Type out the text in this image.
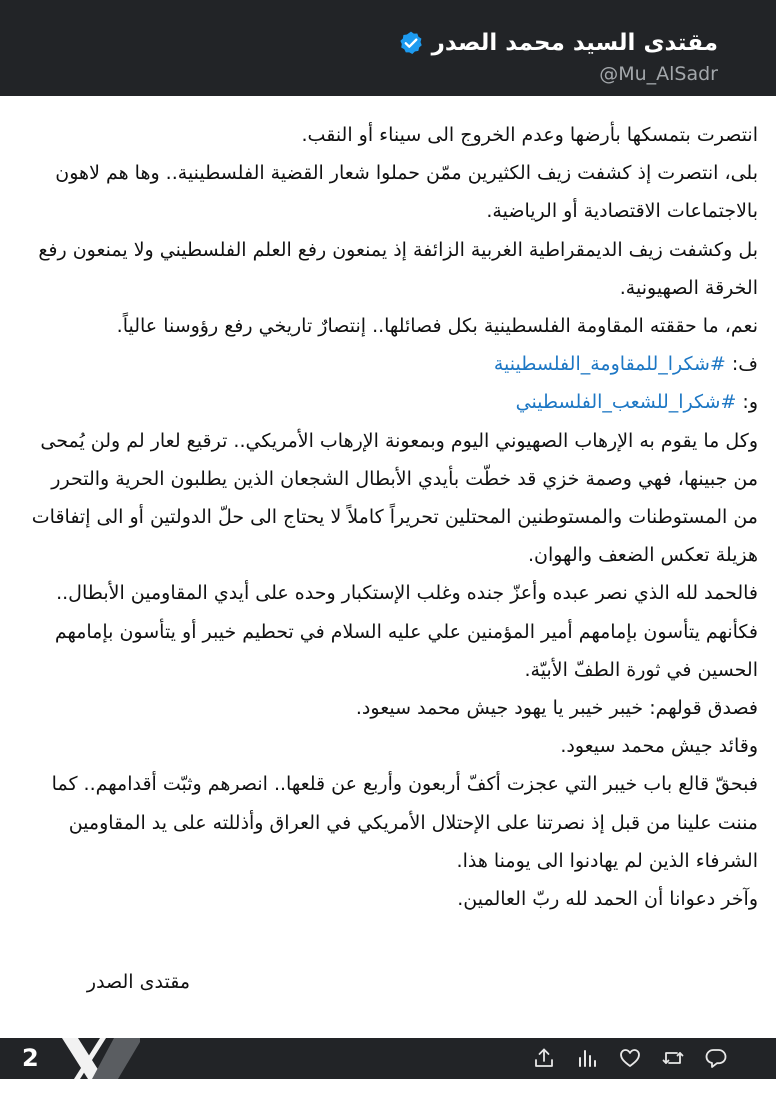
مقتدى السيد محمد الصدر
@Mu_AlSadr

انتصرت بتمسكها بأرضها وعدم الخروج الى سيناء أو النقب.

بلى، انتصرت إذ كشفت زيف الكثيرين ممّن حملوا شعار القضية الفلسطينية.. وها هم لاهون بالاجتماعات الاقتصادية أو الرياضية.

بل وكشفت زيف الديمقراطية الغربية الزائفة إذ يمنعون رفع العلم الفلسطيني ولا يمنعون رفع الخرقة الصهيونية.

نعم، ما حققته المقاومة الفلسطينية بكل فصائلها.. إنتصارٌ تاريخي رفع رؤوسنا عالياً.

ف: #شكرا_للمقاومة_الفلسطينية

و: #شكرا_للشعب_الفلسطيني

وكل ما يقوم به الإرهاب الصهيوني اليوم وبمعونة الإرهاب الأمريكي.. ترقيع لعار لم ولن يُمحى من جبينها، فهي وصمة خزي قد خطّت بأيدي الأبطال الشجعان الذين يطلبون الحرية والتحرر من المستوطنات والمستوطنين المحتلين تحريراً كاملاً لا يحتاج الى حلّ الدولتين أو الى إتفاقات هزيلة تعكس الضعف والهوان.

فالحمد لله الذي نصر عبده وأعزّ جنده وغلب الإستكبار وحده على أيدي المقاومين الأبطال.. فكأنهم يتأسون بإمامهم أمير المؤمنين علي عليه السلام في تحطيم خيبر أو يتأسون بإمامهم الحسين في ثورة الطفّ الأبيّة.

فصدق قولهم: خيبر خيبر يا يهود جيش محمد سيعود.

وقائد جيش محمد سيعود.

فبحقّ قالع باب خيبر التي عجزت أكفّ أربعون وأربع عن قلعها.. انصرهم وثبّت أقدامهم.. كما مننت علينا من قبل إذ نصرتنا على الإحتلال الأمريكي في العراق وأذللته على يد المقاومين الشرفاء الذين لم يهادنوا الى يومنا هذا.

وآخر دعوانا أن الحمد لله ربّ العالمين.

مقتدى الصدر
2
